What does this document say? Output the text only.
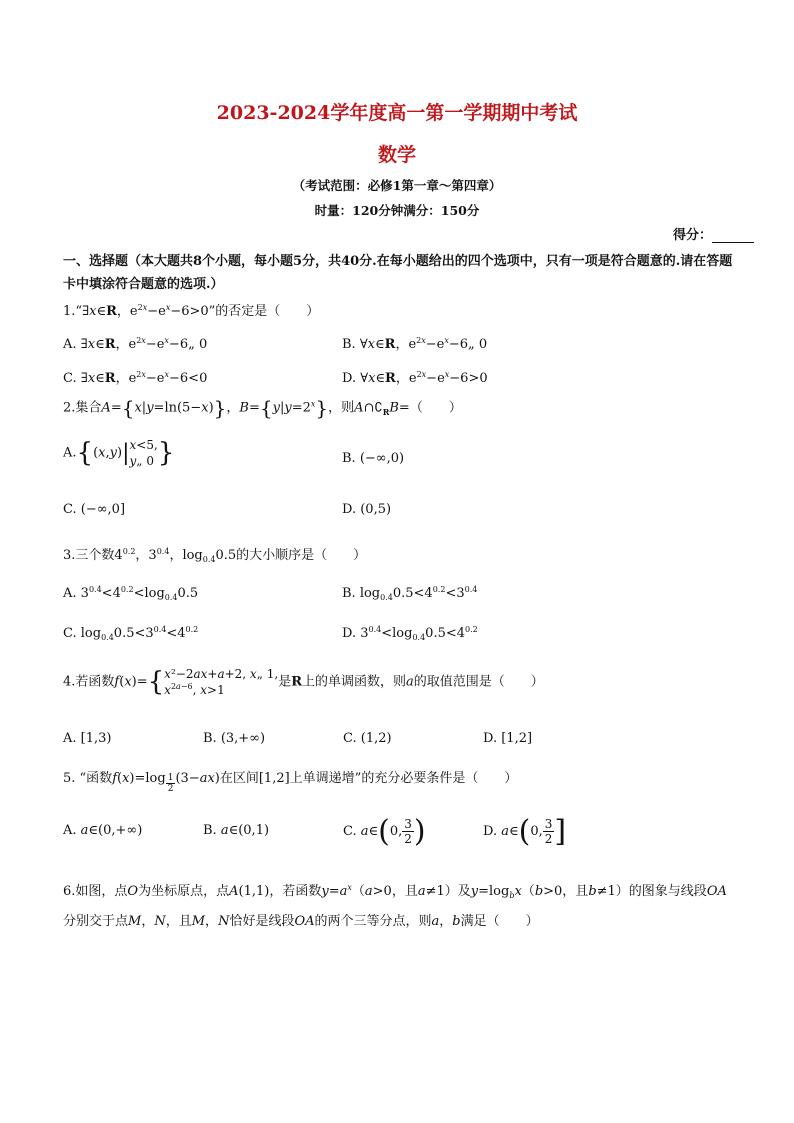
2023-2024学年度高一第一学期期中考试
数学
（考试范围：必修1第一章～第四章）
时量：120分钟满分：150分
得分：
一、选择题（本大题共8个小题，每小题5分，共40分.在每小题给出的四个选项中，只有一项是符合题意的.请在答题卡中填涂符合题意的选项.）
1.“∃x∈R，$e^{2x}-e^x-6>0$”的否定是（　　）
A. ∃x∈R，$e^{2x}-e^x-6„$ 0	B. ∀x∈R，$e^{2x}-e^x-6„$ 0
C. ∃x∈R，$e^{2x}-e^x-6<0$	D. ∀x∈R，$e^{2x}-e^x-6>0$
2.集合A={x|y=ln(5−x)}，$B=\{y|y=2^x\}$，则$A\cap∁_RB=$（　　）
A.{(x,y)|x<5,
y„ 0 }	B. (−∞,0)
C. (−∞,0]	D. (0,5)
3.三个数$4^{0.2}$，$3^{0.4}$，$\log_{0.4}0.5$的大小顺序是（　　）
A. $3^{0.4}<4^{0.2}<\log_{0.4}0.5$	B. $\log_{0.4}0.5<4^{0.2}<3^{0.4}$
C. $\log_{0.4}0.5<3^{0.4}<4^{0.2}$	D. $3^{0.4}<\log_{0.4}0.5<4^{0.2}$
4.若函数f(x)={x²−2ax+a+2, x„ 1,
$x^{2a-6}$, x>1是R上的单调函数，则a的取值范围是（　　）
A. [1,3)	B. (3,+∞)	C. (1,2)	D. [1,2]
5. “函数f(x)=log $_{\frac{1}{2}}$ (3−ax)在区间[1,2]上单调递增”的充分必要条件是（　　）
A. a∈(0,+∞)	B. a∈(0,1)	C. a∈(0, $\frac{3}{2}$ )	D. a∈(0, $\frac{3}{2}$ ]
6.如图，点O为坐标原点，点A(1,1)，若函数$y=a^x(a>0$，且a≠1）及$y=\log_bx(b>0$，且b≠1）的图象与线段OA分别交于点M，N，且M，N恰好是线段OA的两个三等分点，则a，b满足（　　）
